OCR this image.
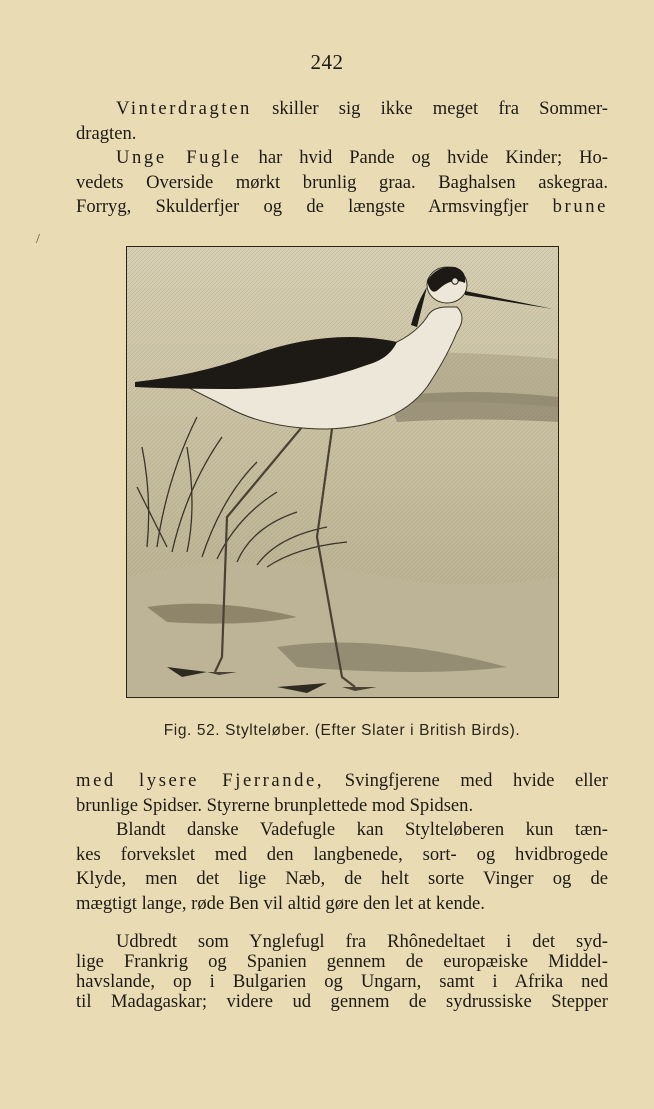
242
/

Vinterdragten skiller sig ikke meget fra Sommer-
dragten.

Unge Fugle har hvid Pande og hvide Kinder; Ho-
vedets Overside mørkt brunlig graa. Baghalsen askegraa.
Forryg, Skulderfjer og de længste Armsvingfjer brune

Fig. 52. Stylteløber. (Efter Slater i British Birds).

med lysere Fjerrande, Svingfjerene med hvide eller
brunlige Spidser. Styrerne brunplettede mod Spidsen.

Blandt danske Vadefugle kan Stylteløberen kun tæn-
kes forvekslet med den langbenede, sort- og hvidbrogede
Klyde, men det lige Næb, de helt sorte Vinger og de
mægtigt lange, røde Ben vil altid gøre den let at kende.

Udbredt som Ynglefugl fra Rhônedeltaet i det syd-
lige Frankrig og Spanien gennem de europæiske Middel-
havslande, op i Bulgarien og Ungarn, samt i Afrika ned
til Madagaskar; videre ud gennem de sydrussiske Stepper
